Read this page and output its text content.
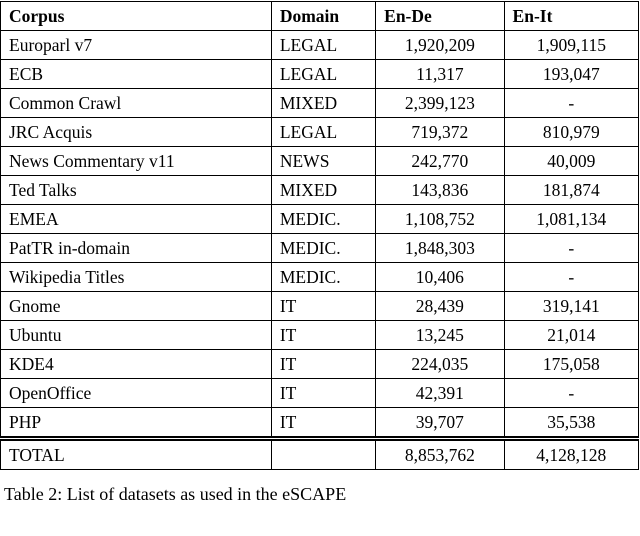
Corpus	Domain	En-De	En-It
Europarl v7	LEGAL	1,920,209	1,909,115
ECB	LEGAL	11,317	193,047
Common Crawl	MIXED	2,399,123	-
JRC Acquis	LEGAL	719,372	810,979
News Commentary v11	NEWS	242,770	40,009
Ted Talks	MIXED	143,836	181,874
EMEA	MEDIC.	1,108,752	1,081,134
PatTR in-domain	MEDIC.	1,848,303	-
Wikipedia Titles	MEDIC.	10,406	-
Gnome	IT	28,439	319,141
Ubuntu	IT	13,245	21,014
KDE4	IT	224,035	175,058
OpenOffice	IT	42,391	-
PHP	IT	39,707	35,538
TOTAL		8,853,762	4,128,128
Table 2: List of datasets as used in the eSCAPE
